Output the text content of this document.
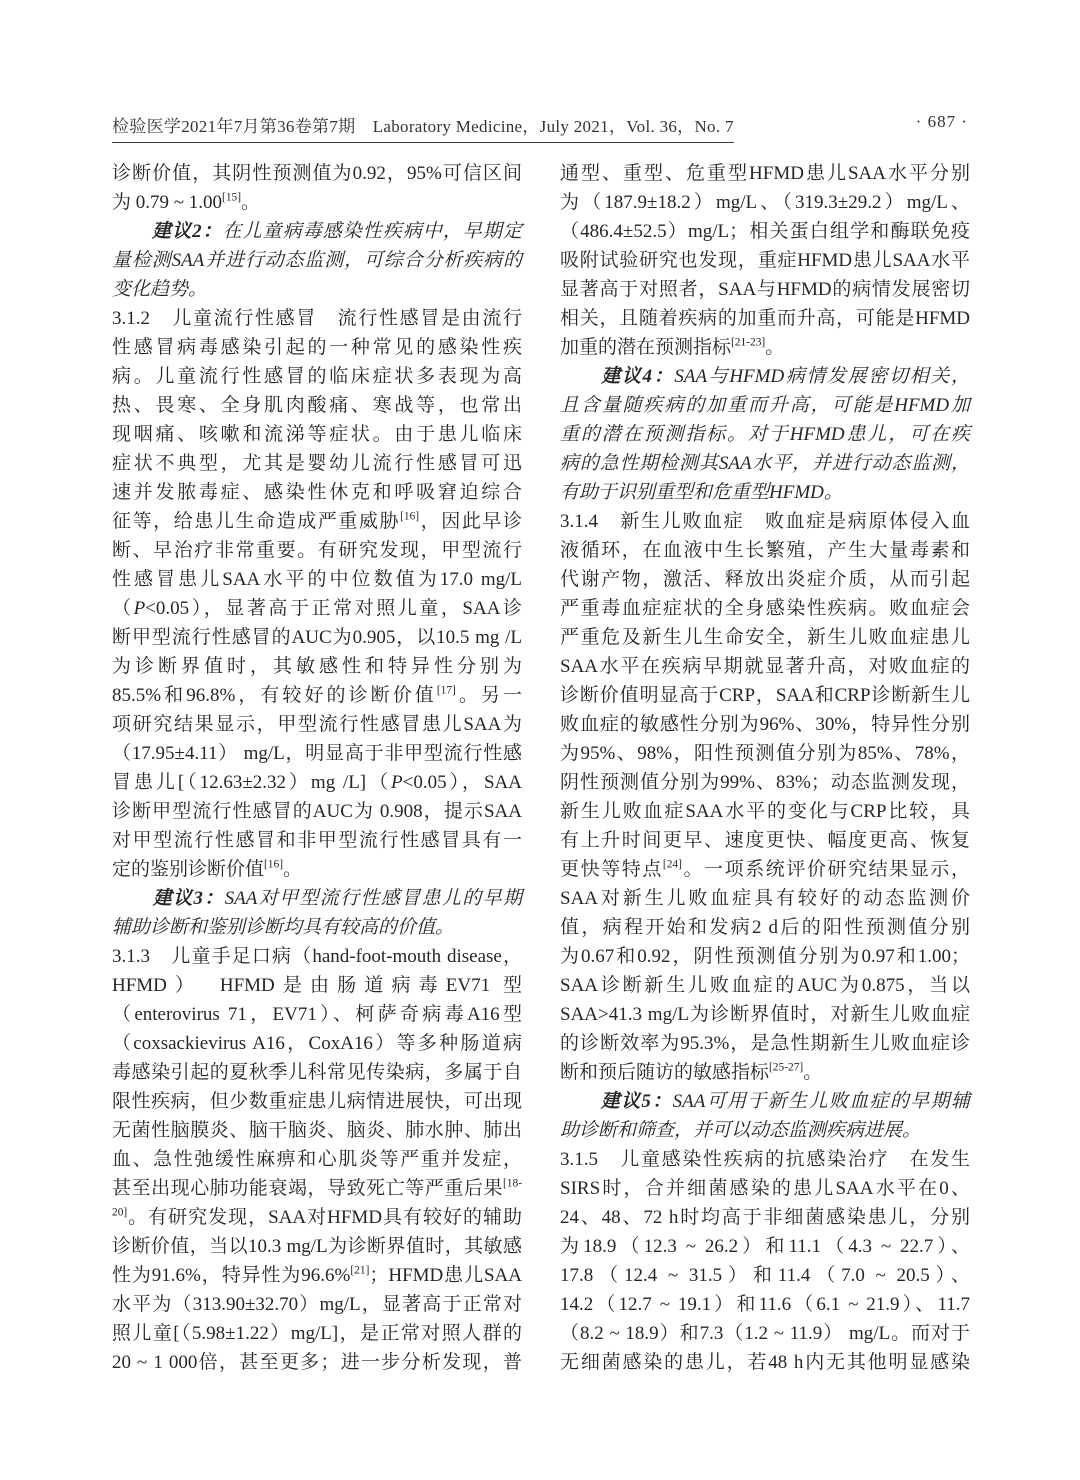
检验医学2021年7月第36卷第7期　Laboratory Medicine，July 2021，Vol. 36，No. 7	· 687 ·
诊断价值，其阴性预测值为0.92，95%可信区间
为 0.79 ~ 1.00[15]。
　　建议2：在儿童病毒感染性疾病中，早期定
量检测SAA并进行动态监测，可综合分析疾病的
变化趋势。
3.1.2　儿童流行性感冒　流行性感冒是由流行
性感冒病毒感染引起的一种常见的感染性疾
病。儿童流行性感冒的临床症状多表现为高
热、畏寒、全身肌肉酸痛、寒战等，也常出
现咽痛、咳嗽和流涕等症状。由于患儿临床
症状不典型，尤其是婴幼儿流行性感冒可迅
速并发脓毒症、感染性休克和呼吸窘迫综合
征等，给患儿生命造成严重威胁[16]，因此早诊
断、早治疗非常重要。有研究发现，甲型流行
性感冒患儿SAA水平的中位数值为17.0 mg/L
（P<0.05），显著高于正常对照儿童，SAA诊
断甲型流行性感冒的AUC为0.905，以10.5 mg /L
为诊断界值时，其敏感性和特异性分别为
85.5%和96.8%，有较好的诊断价值[17]。另一
项研究结果显示，甲型流行性感冒患儿SAA为
（17.95±4.11） mg/L，明显高于非甲型流行性感
冒患儿[（12.63±2.32）mg /L]（P<0.05），SAA
诊断甲型流行性感冒的AUC为 0.908，提示SAA
对甲型流行性感冒和非甲型流行性感冒具有一
定的鉴别诊断价值[16]。
　　建议3：SAA对甲型流行性感冒患儿的早期
辅助诊断和鉴别诊断均具有较高的价值。
3.1.3　儿童手足口病（hand-foot-mouth disease，
HFMD）　HFMD是由肠道病毒EV71 型
（enterovirus 71，EV71）、柯萨奇病毒A16型
（coxsackievirus A16，CoxA16）等多种肠道病
毒感染引起的夏秋季儿科常见传染病，多属于自
限性疾病，但少数重症患儿病情进展快，可出现
无菌性脑膜炎、脑干脑炎、脑炎、肺水肿、肺出
血、急性弛缓性麻痹和心肌炎等严重并发症，
甚至出现心肺功能衰竭，导致死亡等严重后果$^{[18-}$
$^{20]}$。有研究发现，SAA对HFMD具有较好的辅助
诊断价值，当以10.3 mg/L为诊断界值时，其敏感
性为91.6%，特异性为96.6%[21]；HFMD患儿SAA
水平为（313.90±32.70）mg/L，显著高于正常对
照儿童[（5.98±1.22）mg/L]，是正常对照人群的
20 ~ 1 000倍，甚至更多；进一步分析发现，普
通型、重型、危重型HFMD患儿SAA水平分别
为（187.9±18.2）mg/L、（319.3±29.2）mg/L、
（486.4±52.5）mg/L；相关蛋白组学和酶联免疫
吸附试验研究也发现，重症HFMD患儿SAA水平
显著高于对照者，SAA与HFMD的病情发展密切
相关，且随着疾病的加重而升高，可能是HFMD
加重的潜在预测指标[21-23]。
　　建议4：SAA与HFMD病情发展密切相关，
且含量随疾病的加重而升高，可能是HFMD加
重的潜在预测指标。对于HFMD患儿，可在疾
病的急性期检测其SAA水平，并进行动态监测，
有助于识别重型和危重型HFMD。
3.1.4　新生儿败血症　败血症是病原体侵入血
液循环，在血液中生长繁殖，产生大量毒素和
代谢产物，激活、释放出炎症介质，从而引起
严重毒血症症状的全身感染性疾病。败血症会
严重危及新生儿生命安全，新生儿败血症患儿
SAA水平在疾病早期就显著升高，对败血症的
诊断价值明显高于CRP，SAA和CRP诊断新生儿
败血症的敏感性分别为96%、30%，特异性分别
为95%、98%，阳性预测值分别为85%、78%，
阴性预测值分别为99%、83%；动态监测发现，
新生儿败血症SAA水平的变化与CRP比较，具
有上升时间更早、速度更快、幅度更高、恢复
更快等特点[24]。一项系统评价研究结果显示，
SAA对新生儿败血症具有较好的动态监测价
值，病程开始和发病2 d后的阳性预测值分别
为0.67和0.92，阴性预测值分别为0.97和1.00；
SAA诊断新生儿败血症的AUC为0.875，当以
SAA>41.3 mg/L为诊断界值时，对新生儿败血症
的诊断效率为95.3%，是急性期新生儿败血症诊
断和预后随访的敏感指标[25-27]。
　　建议5：SAA可用于新生儿败血症的早期辅
助诊断和筛查，并可以动态监测疾病进展。
3.1.5　儿童感染性疾病的抗感染治疗　在发生
SIRS时，合并细菌感染的患儿SAA水平在0、
24、48、72 h时均高于非细菌感染患儿，分别
为18.9（12.3 ~ 26.2）和11.1（4.3 ~ 22.7）、
17.8（12.4 ~ 31.5）和11.4（7.0 ~ 20.5）、
14.2（12.7 ~ 19.1）和11.6（6.1 ~ 21.9）、11.7
（8.2 ~ 18.9）和7.3（1.2 ~ 11.9） mg/L。而对于
无细菌感染的患儿，若48 h内无其他明显感染
